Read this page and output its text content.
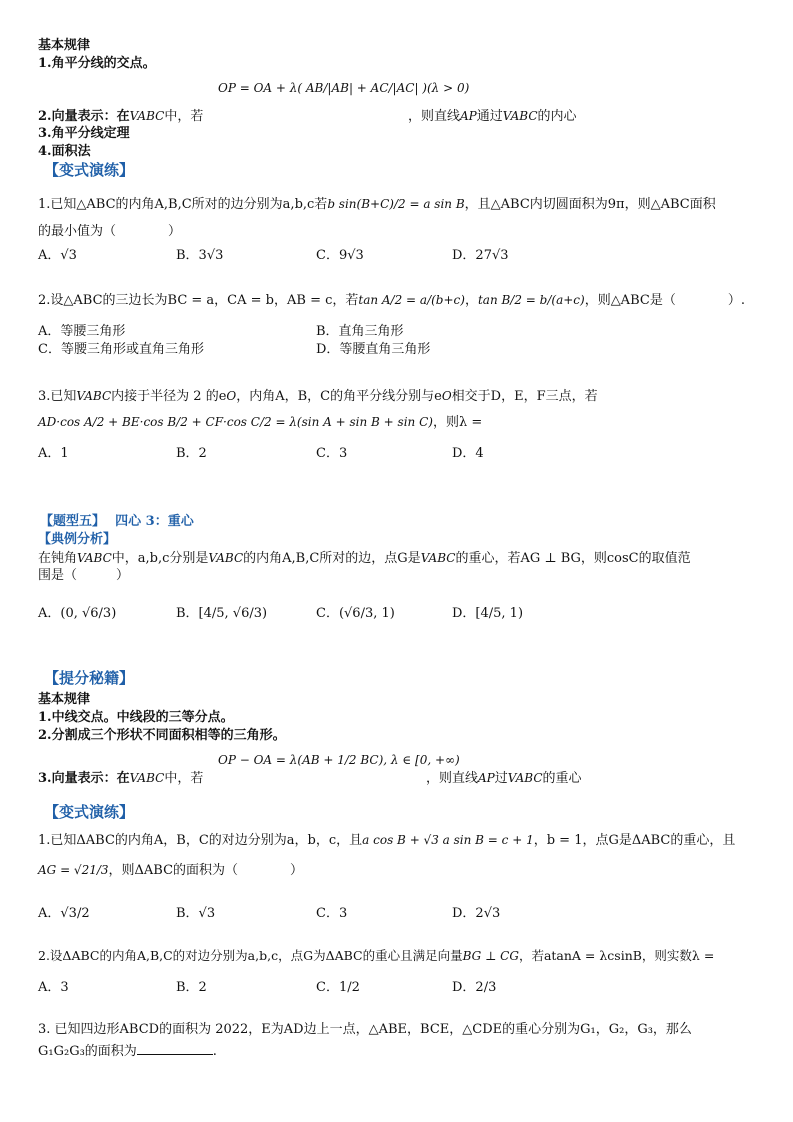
基本规律
1.角平分线的交点。
OP = OA + λ( AB/|AB| + AC/|AC| )(λ > 0)
2.向量表示：在VABC中，若	，则直线AP通过VABC的内心
3.角平分线定理
4.面积法
【变式演练】
1.已知△ABC的内角A,B,C所对的边分别为a,b,c若b sin(B+C)/2 = a sin B，且△ABC内切圆面积为9π，则△ABC面积
的最小值为（　　　　）
A．√3	B．3√3	C．9√3	D．27√3
2.设△ABC的三边长为BC = a，CA = b，AB = c，若tan A/2 = a/(b+c)，tan B/2 = b/(a+c)，则△ABC是（　　　　）.
A．等腰三角形	B．直角三角形
C．等腰三角形或直角三角形	D．等腰直角三角形
3.已知VABC内接于半径为 2 的eO，内角A，B，C的角平分线分别与eO相交于D，E，F三点，若
AD·cos A/2 + BE·cos B/2 + CF·cos C/2 = λ(sin A + sin B + sin C)，则λ =
A．1	B．2	C．3	D．4
【题型五】 四心 3：重心
【典例分析】
在钝角VABC中，a,b,c分别是VABC的内角A,B,C所对的边，点G是VABC的重心，若AG ⊥ BG，则cosC的取值范
围是（　　　）
A．(0, √6/3)	B．[4/5, √6/3)	C．(√6/3, 1)	D．[4/5, 1)
【提分秘籍】
基本规律
1.中线交点。中线段的三等分点。
2.分割成三个形状不同面积相等的三角形。
OP − OA = λ(AB + 1/2 BC), λ ∈ [0, +∞)
3.向量表示：在VABC中，若	，则直线AP过VABC的重心
【变式演练】
1.已知ΔABC的内角A，B，C的对边分别为a，b，c，且a cos B + √3 a sin B = c + 1，b = 1，点G是ΔABC的重心，且
AG = √21/3，则ΔABC的面积为（　　　　）
A．√3/2	B．√3	C．3	D．2√3
2.设ΔABC的内角A,B,C的对边分别为a,b,c，点G为ΔABC的重心且满足向量BG ⊥ CG，若atanA = λcsinB，则实数λ =
A．3	B．2	C．1/2	D．2/3
3. 已知四边形ABCD的面积为 2022，E为AD边上一点，△ABE，BCE，△CDE的重心分别为G₁，G₂，G₃，那么
G₁G₂G₃的面积为	.
